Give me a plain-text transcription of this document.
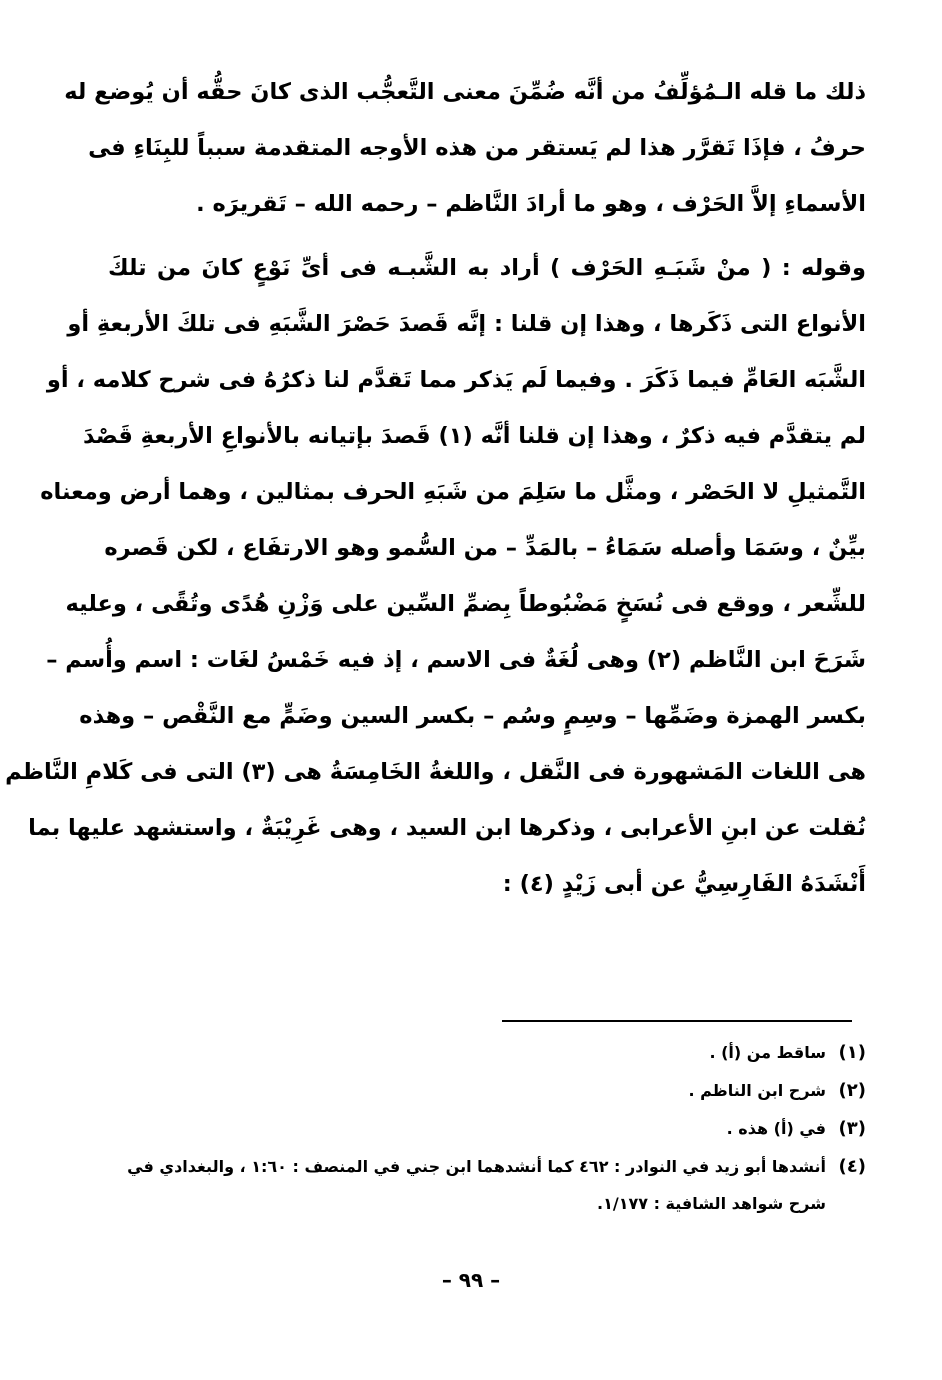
ذلك ما قله الـمُؤلِّفُ من أنَّه ضُمِّنَ معنى التَّعجُّب الذى كانَ حقُّه أن يُوضع له
حرفُ ، فإذَا تَقرَّر هذا لم يَستقر من هذه الأوجه المتقدمة سبباً للبِنَاءِ فى
الأسماءِ إلاَّ الحَرْف ، وهو ما أرادَ النَّاظم – رحمه الله – تَقريرَه .
وقوله : ( منْ شَبَـهِ الحَرْف ) أراد به الشَّبـه فى أىِّ نَوْعٍ كانَ من تلكَ
الأنواع التى ذَكَرها ، وهذا إن قلنا : إنَّه قَصدَ حَصْرَ الشَّبَهِ فى تلكَ الأربعةِ أو
الشَّبَه العَامِّ فيما ذَكَرَ . وفيما لَم يَذكر مما تَقدَّم لنا ذكرُهُ فى شرح كلامه ، أو
لم يتقدَّم فيه ذكرٌ ، وهذا إن قلنا أنَّه (١) قَصدَ بإتيانه بالأنواعِ الأربعةِ قَصْدَ
التَّمثيلِ لا الحَصْر ، ومثَّل ما سَلِمَ من شَبَهِ الحرف بمثالين ، وهما أرض ومعناه
بيِّنٌ ، وسَمَا وأصله سَمَاءُ – بالمَدِّ – من السُّمو وهو الارتفَاع ، لكن قَصره
للشِّعر ، ووقع فى نُسَخٍ مَضْبُوطاً بِضمِّ السِّين على وَزْنِ هُدًى وتُقًى ، وعليه
شَرَحَ ابن النَّاظم (٢) وهى لُغَةٌ فى الاسم ، إذ فيه خَمْسُ لغَات : اسم وأُسم –
بكسر الهمزة وضَمِّها – وسِمٍ وسُم – بكسر السين وضَمٍّ مع النَّقْص – وهذه
هى اللغات المَشهورة فى النَّقل ، واللغةُ الخَامِسَةُ هى (٣) التى فى كَلامِ النَّاظم
نُقلت عن ابنِ الأعرابى ، وذكرها ابن السيد ، وهى غَرِيْبَةٌ ، واستشهد عليها بما
أَنْشَدَهُ الفَارِسِيُّ عن أبى زَيْدٍ (٤) :
(١)
ساقط من (أ) .
(٢)
شرح ابن الناظم .
(٣)
في (أ) هذه .
(٤)
أنشدها أبو زيد في النوادر : ٤٦٢ كما أنشدهما ابن جني في المنصف : ١:٦٠ ، والبغدادي في
شرح شواهد الشافية : ١/١٧٧.
– ٩٩ –
